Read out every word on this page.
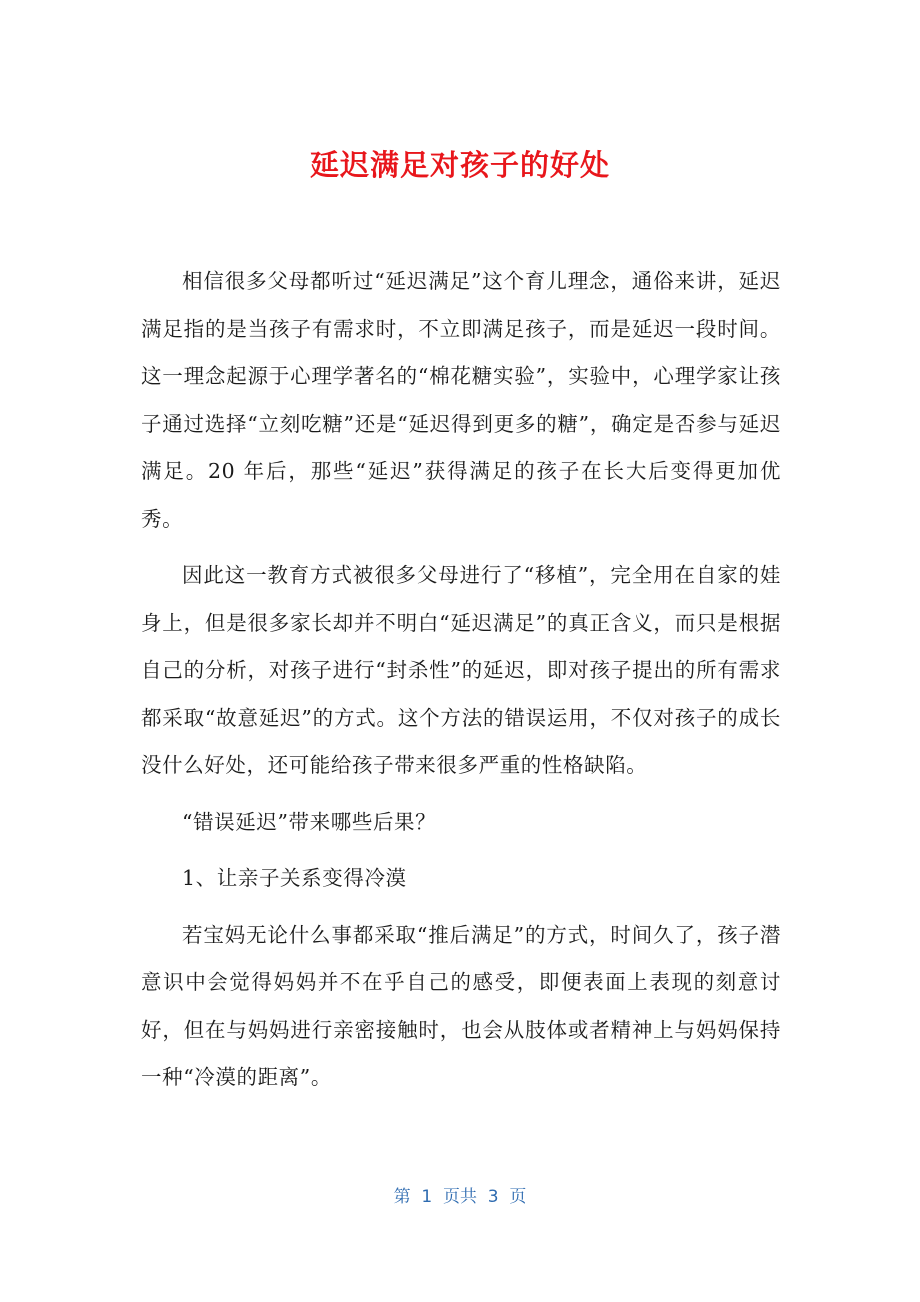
延迟满足对孩子的好处

相信很多父母都听过“延迟满足”这个育儿理念，通俗来讲，延迟满足指的是当孩子有需求时，不立即满足孩子，而是延迟一段时间。这一理念起源于心理学著名的“棉花糖实验”，实验中，心理学家让孩子通过选择“立刻吃糖”还是“延迟得到更多的糖”，确定是否参与延迟满足。20 年后，那些“延迟”获得满足的孩子在长大后变得更加优秀。

因此这一教育方式被很多父母进行了“移植”，完全用在自家的娃身上，但是很多家长却并不明白“延迟满足”的真正含义，而只是根据自己的分析，对孩子进行“封杀性”的延迟，即对孩子提出的所有需求都采取“故意延迟”的方式。这个方法的错误运用，不仅对孩子的成长没什么好处，还可能给孩子带来很多严重的性格缺陷。

“错误延迟”带来哪些后果？

1、让亲子关系变得冷漠

若宝妈无论什么事都采取“推后满足”的方式，时间久了，孩子潜意识中会觉得妈妈并不在乎自己的感受，即便表面上表现的刻意讨好，但在与妈妈进行亲密接触时，也会从肢体或者精神上与妈妈保持一种“冷漠的距离”。

第  1  页共  3  页
